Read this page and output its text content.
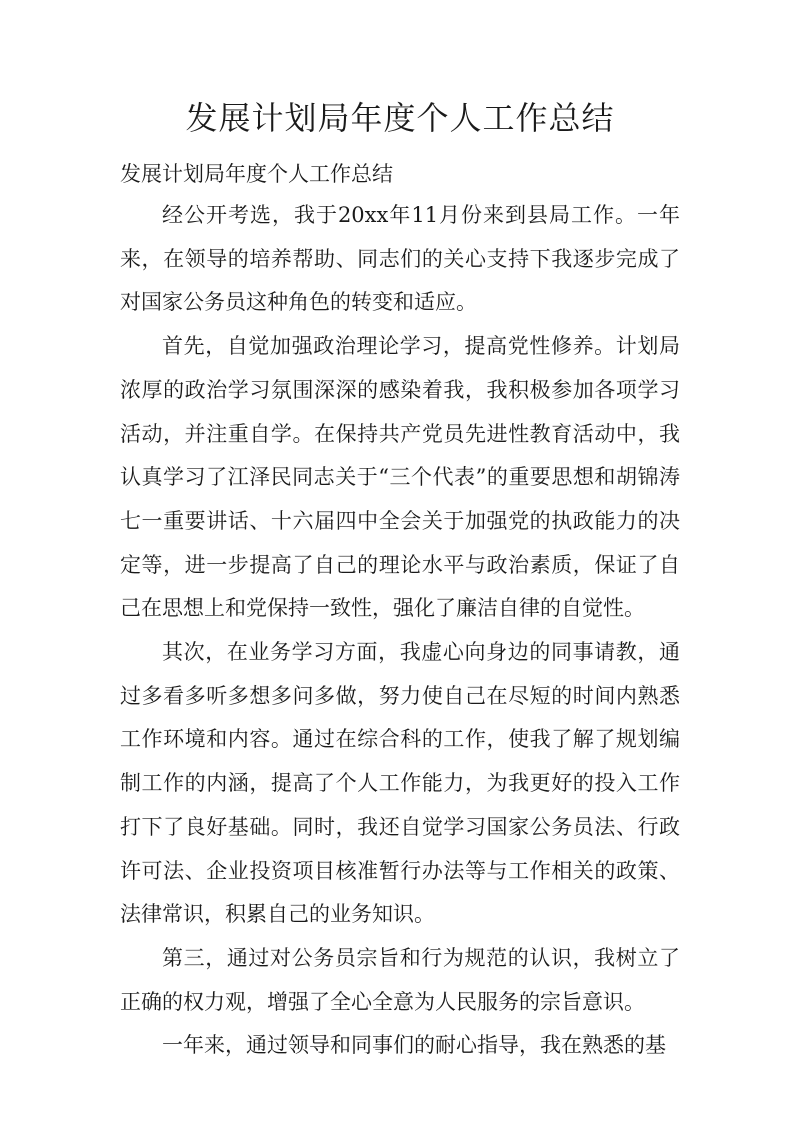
发展计划局年度个人工作总结

发展计划局年度个人工作总结

经公开考选，我于20xx年11月份来到县局工作。一年来，在领导的培养帮助、同志们的关心支持下我逐步完成了对国家公务员这种角色的转变和适应。

首先，自觉加强政治理论学习，提高党性修养。计划局浓厚的政治学习氛围深深的感染着我，我积极参加各项学习活动，并注重自学。在保持共产党员先进性教育活动中，我认真学习了江泽民同志关于“三个代表”的重要思想和胡锦涛七一重要讲话、十六届四中全会关于加强党的执政能力的决定等，进一步提高了自己的理论水平与政治素质，保证了自己在思想上和党保持一致性，强化了廉洁自律的自觉性。

其次，在业务学习方面，我虚心向身边的同事请教，通过多看多听多想多问多做，努力使自己在尽短的时间内熟悉工作环境和内容。通过在综合科的工作，使我了解了规划编制工作的内涵，提高了个人工作能力，为我更好的投入工作打下了良好基础。同时，我还自觉学习国家公务员法、行政许可法、企业投资项目核准暂行办法等与工作相关的政策、法律常识，积累自己的业务知识。

第三，通过对公务员宗旨和行为规范的认识，我树立了正确的权力观，增强了全心全意为人民服务的宗旨意识。

一年来，通过领导和同事们的耐心指导，我在熟悉的基
